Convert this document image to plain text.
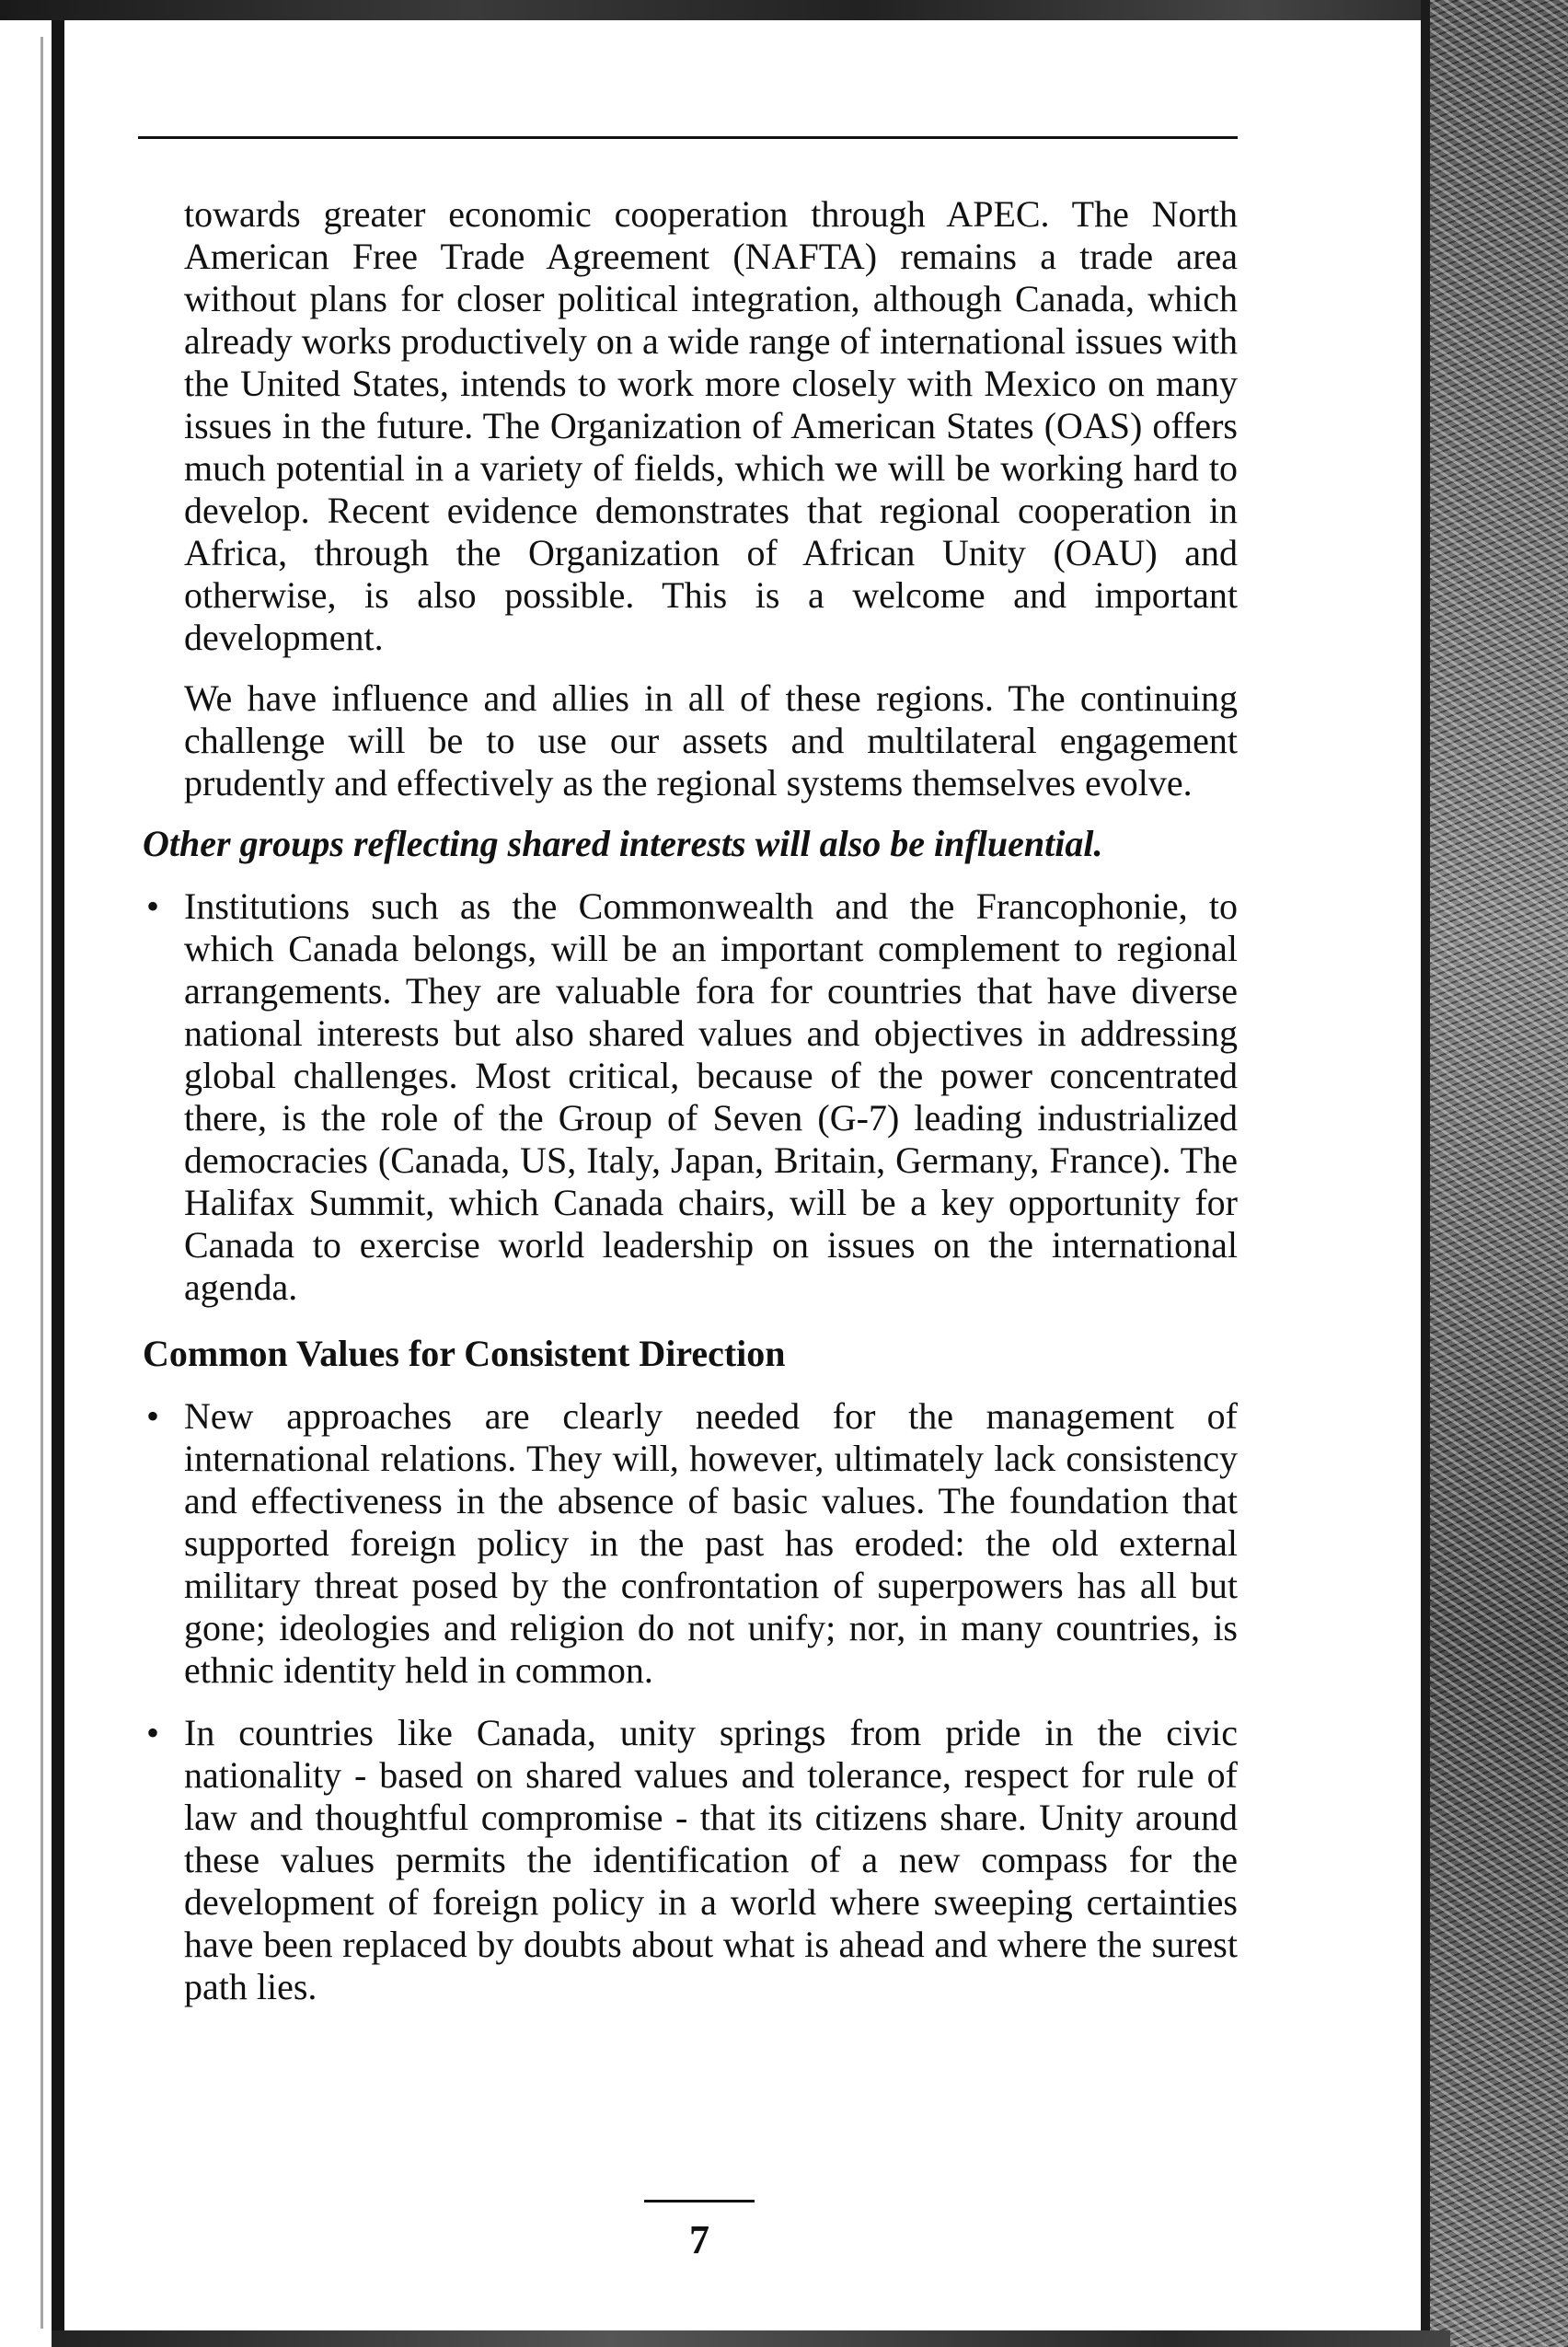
towards greater economic cooperation through APEC. The North American Free Trade Agreement (NAFTA) remains a trade area without plans for closer political integration, although Canada, which already works productively on a wide range of international issues with the United States, intends to work more closely with Mexico on many issues in the future. The Organization of American States (OAS) offers much potential in a variety of fields, which we will be working hard to develop. Recent evidence demonstrates that regional cooperation in Africa, through the Organization of African Unity (OAU) and otherwise, is also possible. This is a welcome and important development.

We have influence and allies in all of these regions. The continuing challenge will be to use our assets and multilateral engagement prudently and effectively as the regional systems themselves evolve.

Other groups reflecting shared interests will also be influential.
• Institutions such as the Commonwealth and the Francophonie, to which Canada belongs, will be an important complement to regional arrangements. They are valuable fora for countries that have diverse national interests but also shared values and objectives in addressing global challenges. Most critical, because of the power concentrated there, is the role of the Group of Seven (G-7) leading industrialized democracies (Canada, US, Italy, Japan, Britain, Germany, France). The Halifax Summit, which Canada chairs, will be a key opportunity for Canada to exercise world leadership on issues on the international agenda.
Common Values for Consistent Direction
• New approaches are clearly needed for the management of international relations. They will, however, ultimately lack consistency and effectiveness in the absence of basic values. The foundation that supported foreign policy in the past has eroded: the old external military threat posed by the confrontation of superpowers has all but gone; ideologies and religion do not unify; nor, in many countries, is ethnic identity held in common.
• In countries like Canada, unity springs from pride in the civic nationality - based on shared values and tolerance, respect for rule of law and thoughtful compromise - that its citizens share. Unity around these values permits the identification of a new compass for the development of foreign policy in a world where sweeping certainties have been replaced by doubts about what is ahead and where the surest path lies.
7
